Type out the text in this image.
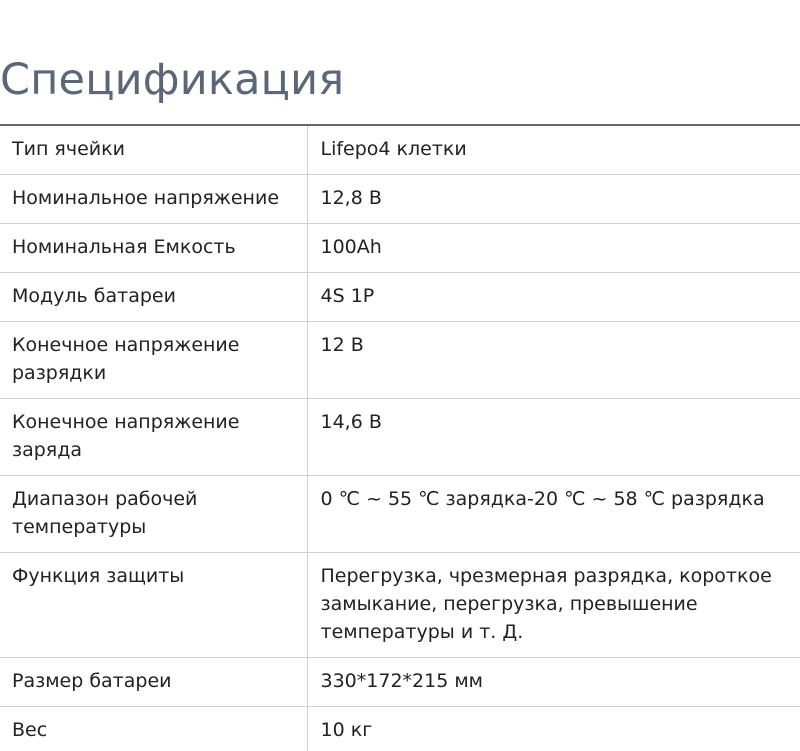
Спецификация
Тип ячейки	Lifepo4 клетки
Номинальное напряжение	12,8 В
Номинальная Емкость	100Ah
Модуль батареи	4S 1P
Конечное напряжение разрядки	12 В
Конечное напряжение заряда	14,6 В
Диапазон рабочей температуры	0 ℃ ~ 55 ℃ зарядка-20 ℃ ~ 58 ℃ разрядка
Функция защиты	Перегрузка, чрезмерная разрядка, короткое замыкание, перегрузка, превышение температуры и т. Д.
Размер батареи	330*172*215 мм
Вес	10 кг
